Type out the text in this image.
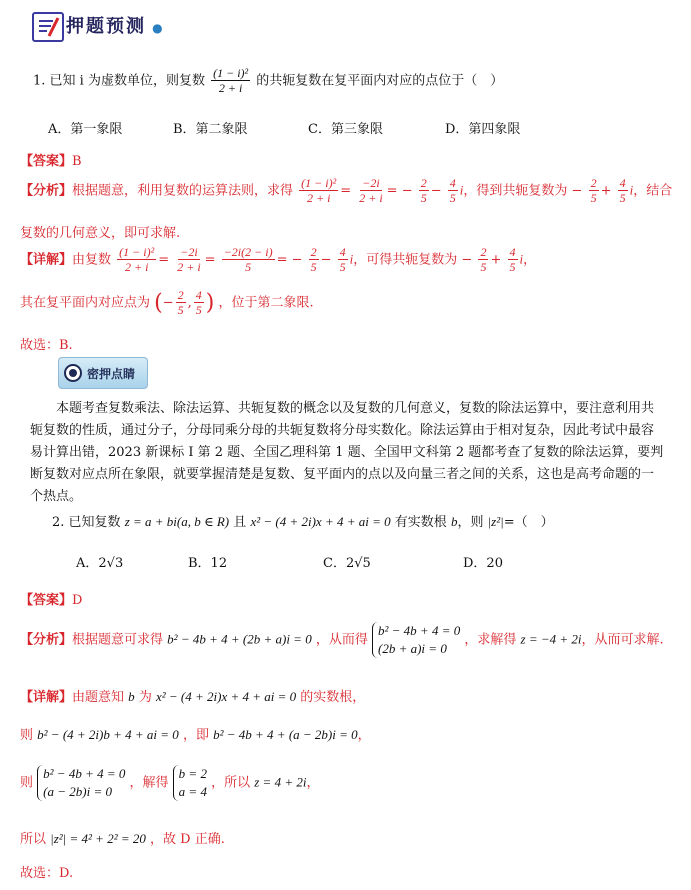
押题预测 ●
1. 已知 i 为虚数单位，则复数 $\frac{\text{(1 − i)²}}{2 + i}$ 的共轭复数在复平面内对应的点位于（　）
A．第一象限	B．第二象限	C．第三象限	D．第四象限
【答案】B
【分析】根据题意，利用复数的运算法则，求得 $\frac{\text{(1 − i)²}}{2 + i} = \frac{-2i}{2 + i}$ = − $\frac{2}{5} - \frac{4}{5}$ i，得到共轭复数为 − $\frac{2}{5} + \frac{4}{5}$ i，结合
复数的几何意义，即可求解.
【详解】由复数 $\frac{\text{(1 − i)²}}{2 + i} = \frac{-2i}{2 + i} = \frac{-2i(2 - i)}{5}$ = − $\frac{2}{5} - \frac{4}{5}$ i，可得共轭复数为 − $\frac{2}{5} + \frac{4}{5}$ i，
其在复平面内对应点为 (− $\frac{2}{5}$ , $\frac{4}{5}$ ) ，位于第二象限.
故选：B.
密押点睛
本题考查复数乘法、除法运算、共轭复数的概念以及复数的几何意义，复数的除法运算中，要注意利用共轭复数的性质，通过分子，分母同乘分母的共轭复数将分母实数化。除法运算由于相对复杂，因此考试中最容易计算出错，2023 新课标 I 第 2 题、全国乙理科第 1 题、全国甲文科第 2 题都考查了复数的除法运算，要判断复数对应点所在象限，就要掌握清楚是复数、复平面内的点以及向量三者之间的关系，这也是高考命题的一个热点。
2. 已知复数 z = a + bi(a, b ∈ R) 且 x² − (4 + 2i)x + 4 + ai = 0 有实数根 b，则 |z²|=（　）
A．2√3	B．12	C．2√5	D．20
【答案】D
【分析】根据题意可求得 b² − 4b + 4 + (2b + a)i = 0 ，从而得 b² − 4b + 4 = 0
(2b + a)i = 0 ，求解得 z = −4 + 2i，从而可求解.
【详解】由题意知 b 为 x² − (4 + 2i)x + 4 + ai = 0 的实数根，
则 b² − (4 + 2i)b + 4 + ai = 0 ，即 b² − 4b + 4 + (a − 2b)i = 0，
则 b² − 4b + 4 = 0
(a − 2b)i = 0 ，解得 b = 2
a = 4 ，所以 z = 4 + 2i，
所以 |z²| = 4² + 2² = 20 ，故 D 正确.
故选：D.
